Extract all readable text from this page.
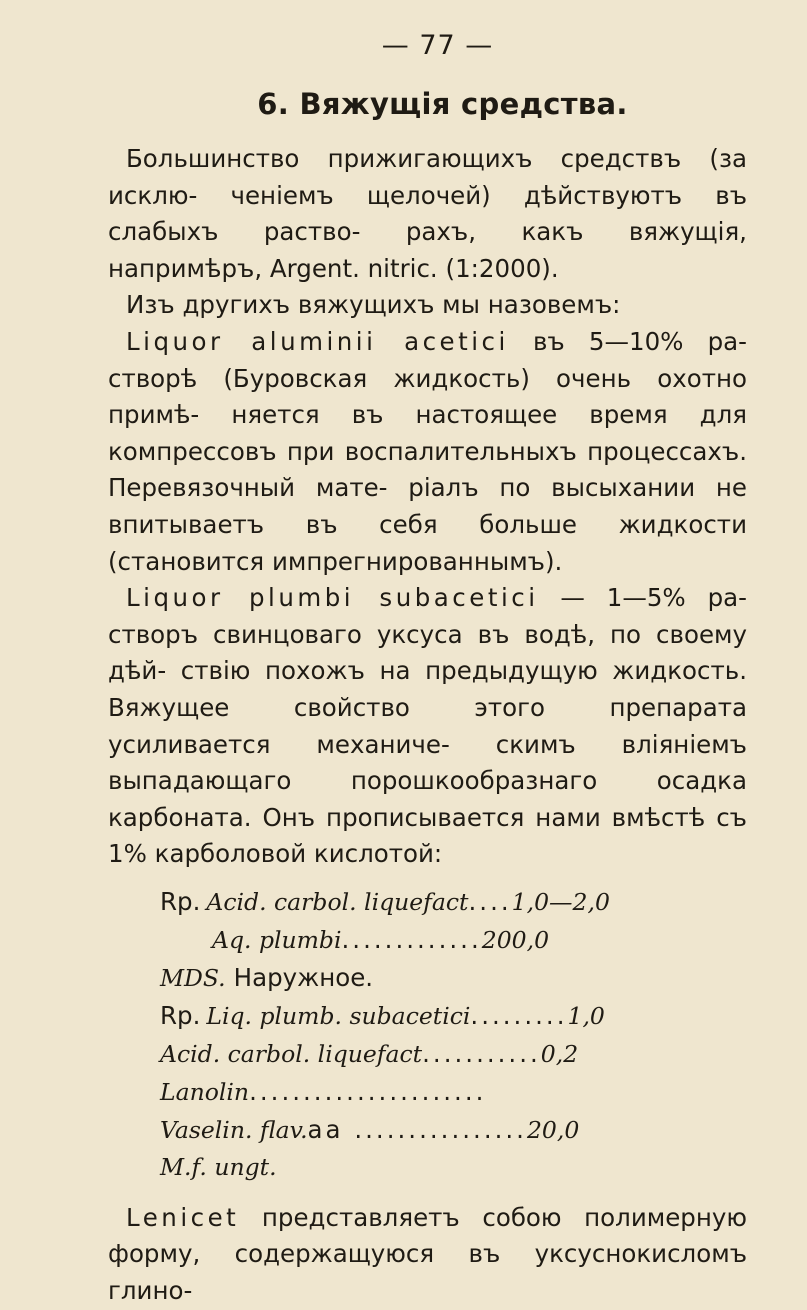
— 77 —
6. Вяжущія средства.

Большинство прижигающихъ средствъ (за исклю- ченіемъ щелочей) дѣйствуютъ въ слабыхъ раство- рахъ, какъ вяжущія, напримѣръ, Argent. nitric. (1:2000).

Изъ другихъ вяжущихъ мы назовемъ:

Liquor aluminii acetici въ 5—10% ра- створѣ (Буровская жидкость) очень охотно примѣ- няется въ настоящее время для компрессовъ при воспалительныхъ процессахъ. Перевязочный мате- ріалъ по высыхании не впитываетъ въ себя больше жидкости (становится импрегнированнымъ).

Liquor plumbi subacetici — 1—5% ра- створъ свинцоваго уксуса въ водѣ, по своему дѣй- ствію похожъ на предыдущую жидкость. Вяжущее	свойство этого препарата усиливается механиче- скимъ вліяніемъ выпадающаго порошкообразнаго осадка карбоната. Онъ прописывается нами вмѣстѣ съ 1% карболовой кислотой:

Rp. Acid. carbol. liquefact .... 1,0—2,0
Aq. plumbi ............. 200,0
MDS. Наружное.
Rp. Liq. plumb. subacetici ......... 1,0
Acid. carbol. liquefact ........... 0,2
Lanolin ......................
Vaselin. flav. aa ................ 20,0
M.f. ungt.

Lenicet представляетъ собою полимерную форму, содержащуюся въ уксуснокисломъ глино-
